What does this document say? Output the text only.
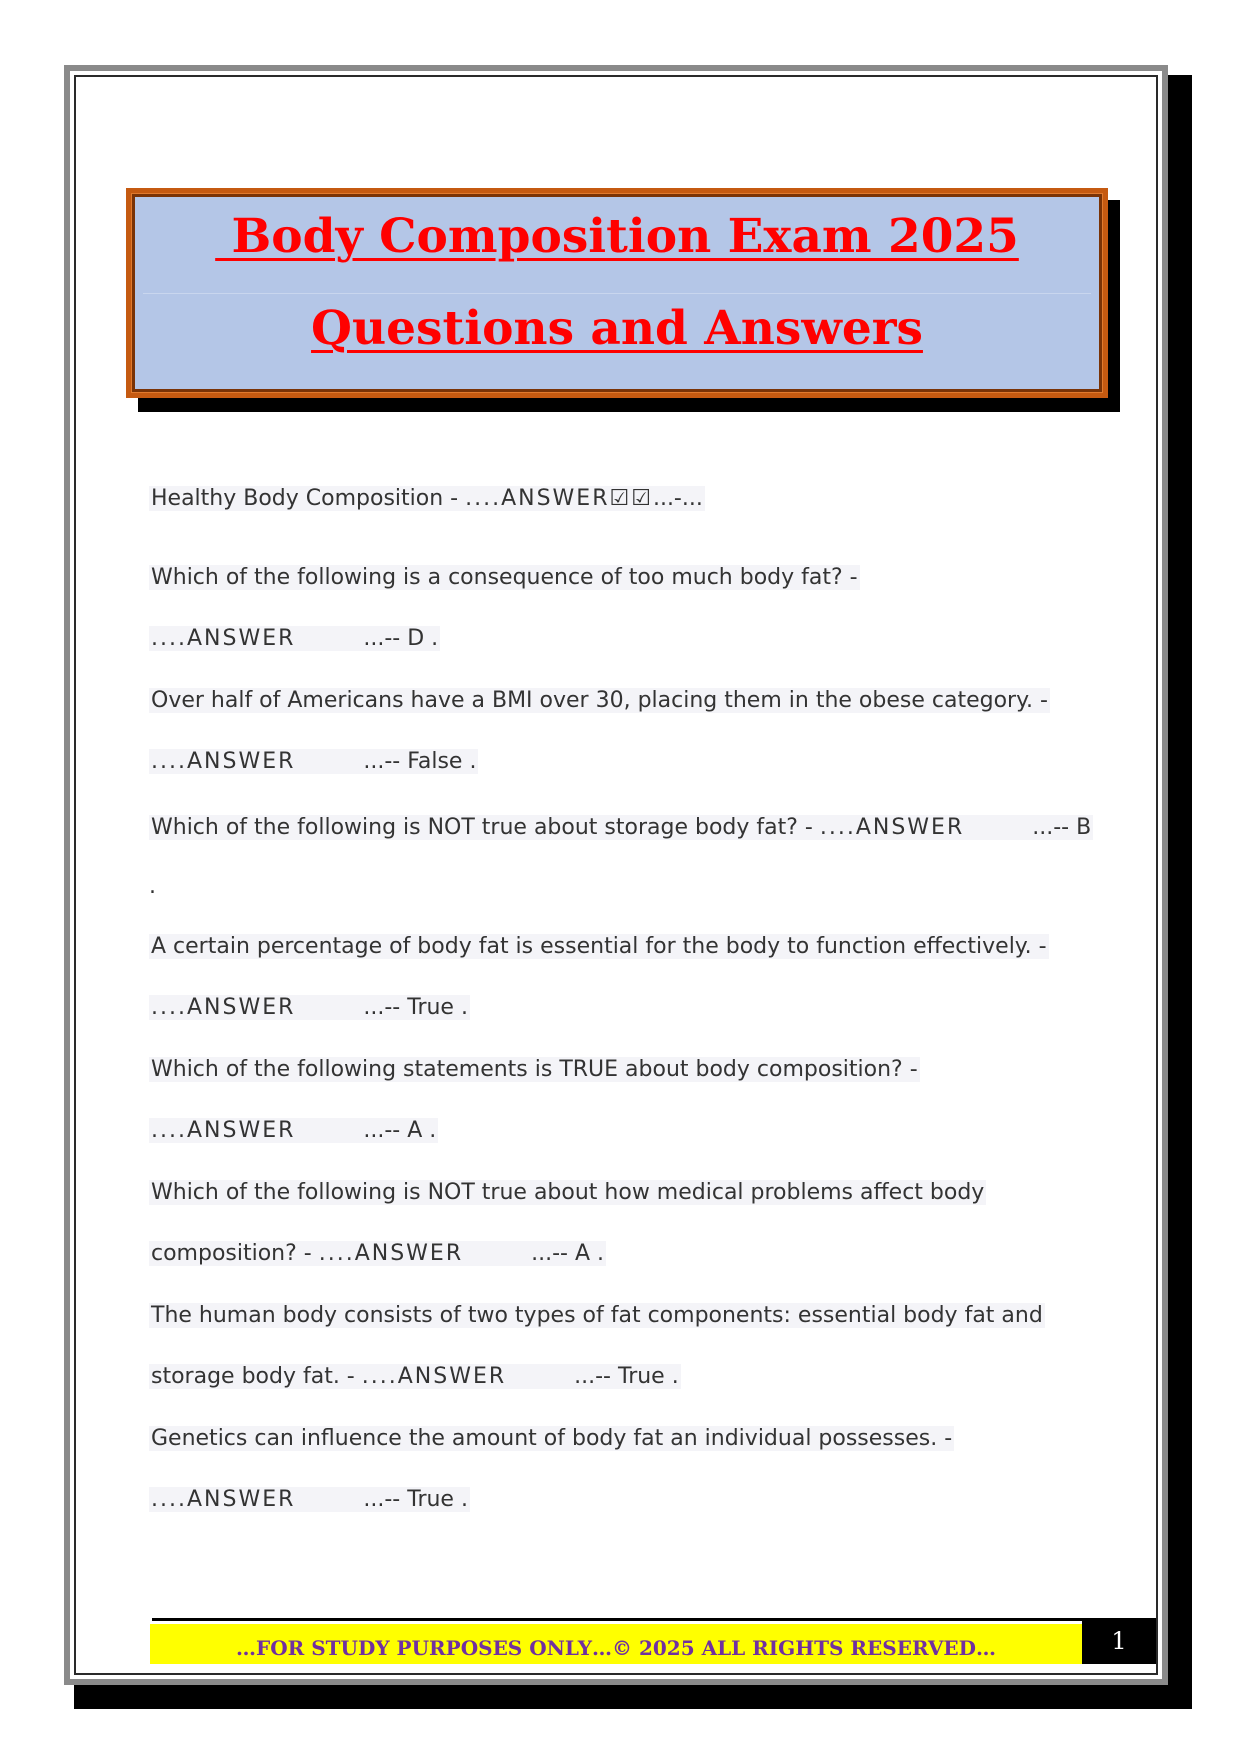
Body Composition Exam 2025
Questions and Answers
Healthy Body Composition - ....ANSWER☑☑...-...
Which of the following is a consequence of too much body fat? -
....ANSWER	...-- D .
Over half of Americans have a BMI over 30, placing them in the obese category. -
....ANSWER	...-- False .
Which of the following is NOT true about storage body fat? - ....ANSWER	...-- B
.
A certain percentage of body fat is essential for the body to function effectively. -
....ANSWER	...-- True .
Which of the following statements is TRUE about body composition? -
....ANSWER	...-- A .
Which of the following is NOT true about how medical problems affect body
composition? - ....ANSWER	...-- A .
The human body consists of two types of fat components: essential body fat and
storage body fat. - ....ANSWER	...-- True .
Genetics can influence the amount of body fat an individual possesses. -
....ANSWER	...-- True .
…FOR STUDY PURPOSES ONLY…© 2025 ALL RIGHTS RESERVED…	1
